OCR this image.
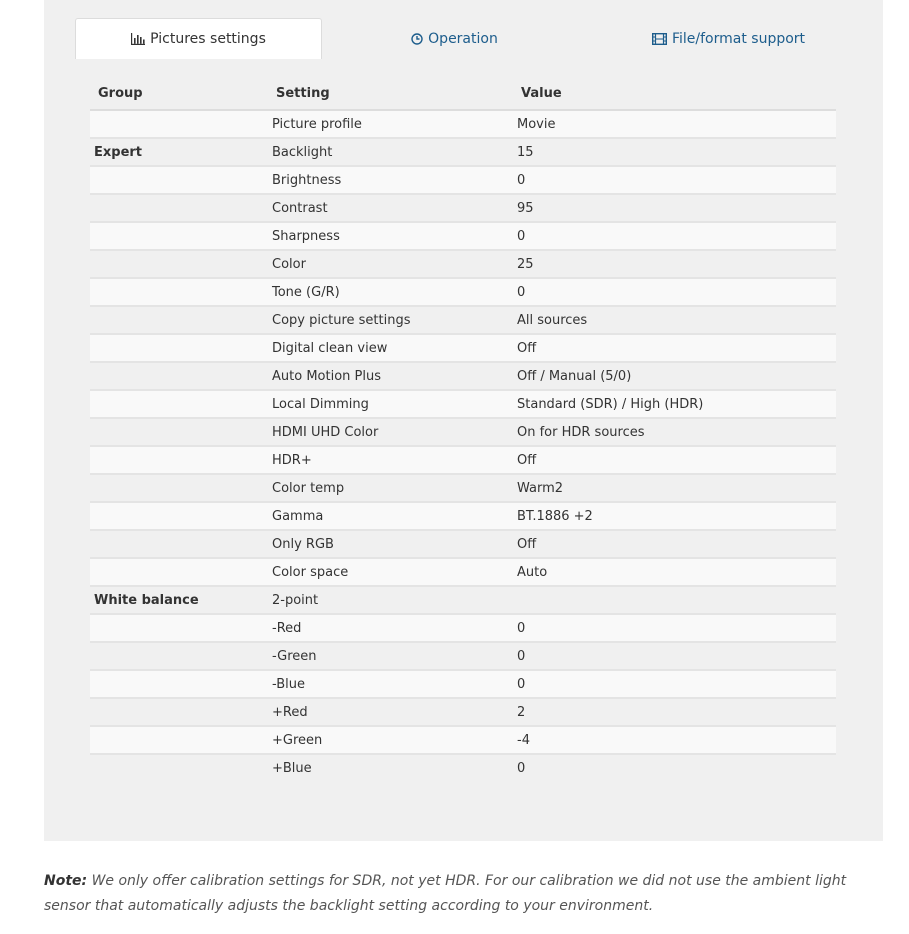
Pictures settings	Operation	File/format support
Group	Setting	Value
	Picture profile	Movie
Expert	Backlight	15
	Brightness	0
	Contrast	95
	Sharpness	0
	Color	25
	Tone (G/R)	0
	Copy picture settings	All sources
	Digital clean view	Off
	Auto Motion Plus	Off / Manual (5/0)
	Local Dimming	Standard (SDR) / High (HDR)
	HDMI UHD Color	On for HDR sources
	HDR+	Off
	Color temp	Warm2
	Gamma	BT.1886 +2
	Only RGB	Off
	Color space	Auto
White balance	2-point	
	-Red	0
	-Green	0
	-Blue	0
	+Red	2
	+Green	-4
	+Blue	0

Note: We only offer calibration settings for SDR, not yet HDR. For our calibration we did not use the ambient light sensor that automatically adjusts the backlight setting according to your environment.
